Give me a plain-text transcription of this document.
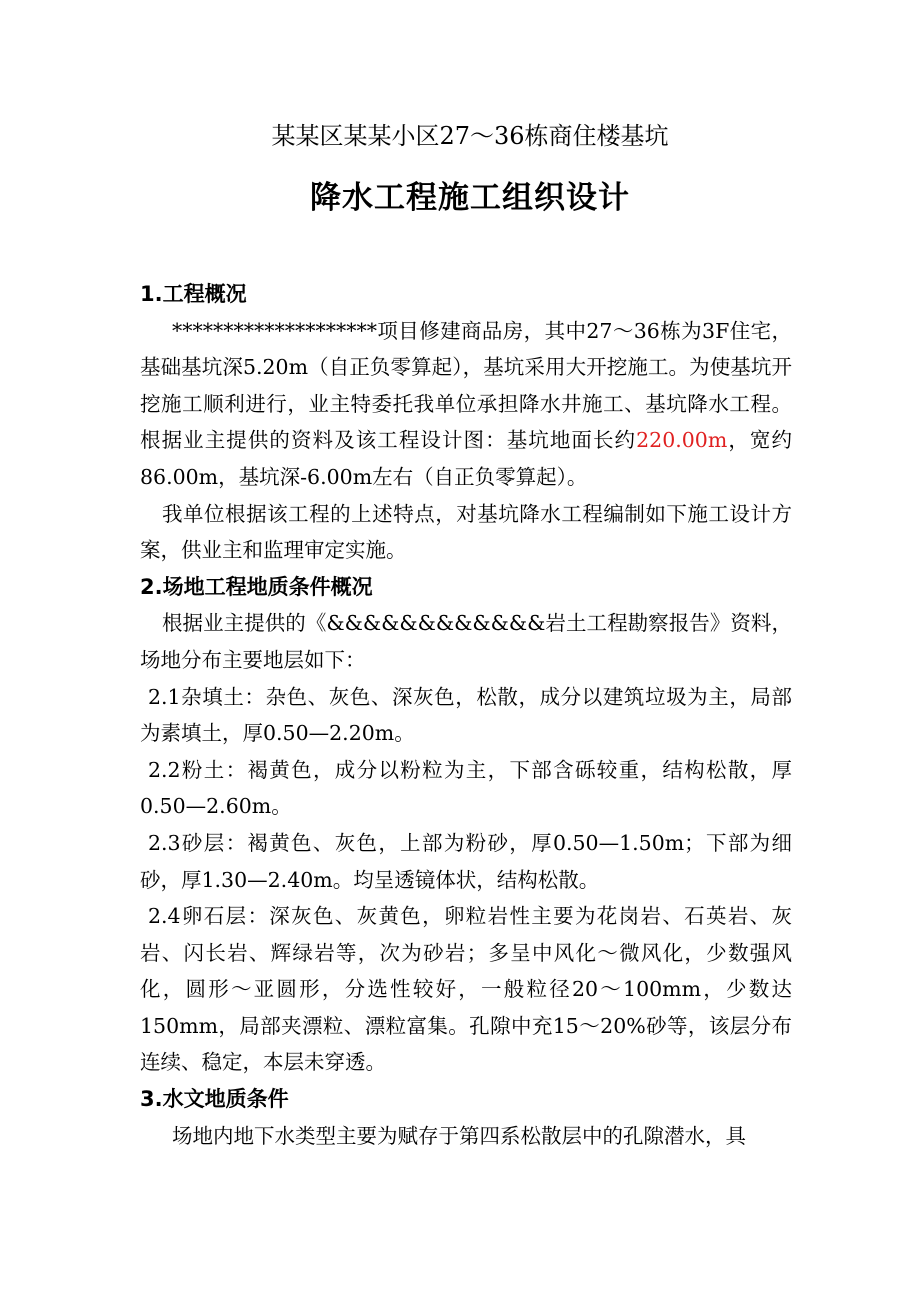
某某区某某小区27～36栋商住楼基坑
降水工程施工组织设计
1.工程概况

********************项目修建商品房，其中27～36栋为3F住宅，基础基坑深5.20m（自正负零算起），基坑采用大开挖施工。为使基坑开挖施工顺利进行，业主特委托我单位承担降水井施工、基坑降水工程。根据业主提供的资料及该工程设计图：基坑地面长约220.00m，宽约86.00m，基坑深-6.00m左右（自正负零算起）。

我单位根据该工程的上述特点，对基坑降水工程编制如下施工设计方案，供业主和监理审定实施。

2.场地工程地质条件概况

根据业主提供的《&&&&&&&&&&&&岩土工程勘察报告》资料，场地分布主要地层如下：

2.1杂填土：杂色、灰色、深灰色，松散，成分以建筑垃圾为主，局部为素填土，厚0.50—2.20m。

2.2粉土：褐黄色，成分以粉粒为主，下部含砾较重，结构松散，厚0.50—2.60m。

2.3砂层：褐黄色、灰色，上部为粉砂，厚0.50—1.50m；下部为细砂，厚1.30—2.40m。均呈透镜体状，结构松散。

2.4卵石层：深灰色、灰黄色，卵粒岩性主要为花岗岩、石英岩、灰岩、闪长岩、辉绿岩等，次为砂岩；多呈中风化～微风化，少数强风化，圆形～亚圆形，分选性较好，一般粒径20～100mm，少数达150mm，局部夹漂粒、漂粒富集。孔隙中充15～20%砂等，该层分布连续、稳定，本层未穿透。

3.水文地质条件

场地内地下水类型主要为赋存于第四系松散层中的孔隙潜水，具
